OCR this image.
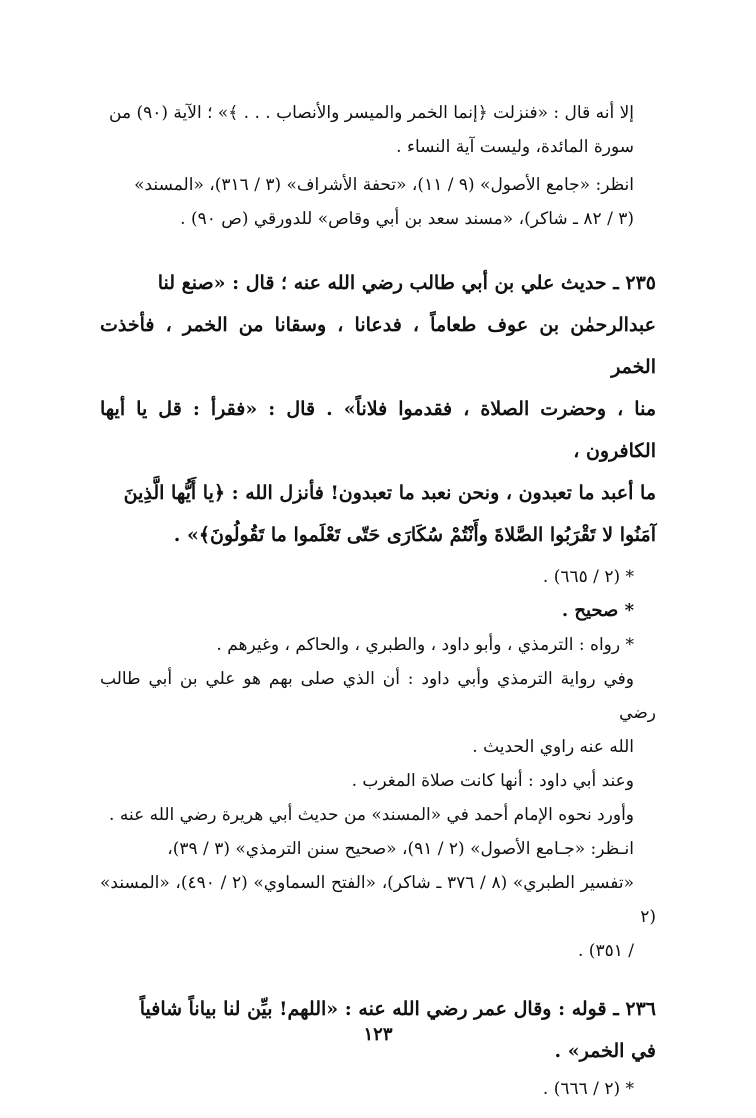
إلا أنه قال : «فنزلت ﴿إنما الخمر والميسر والأنصاب . . . ﴾» ؛ الآية (٩٠) من
سورة المائدة، وليست آية النساء .

انظر: «جامع الأصول» (٩ / ١١)، «تحفة الأشراف» (٣ / ٣١٦)، «المسند»
(٣ / ٨٢ ـ شاكر)، «مسند سعد بن أبي وقاص» للدورقي (ص ٩٠) .

٢٣٥ ـ حديث علي بن أبي طالب رضي الله عنه ؛ قال : «صنع لنا
عبدالرحمٰن بن عوف طعاماً ، فدعانا ، وسقانا من الخمر ، فأخذت الخمر
منا ، وحضرت الصلاة ، فقدموا فلاناً» . قال : «فقرأ : قل يا أيها الكافرون ،
ما أعبد ما تعبدون ، ونحن نعبد ما تعبدون! فأنزل الله : ﴿يا أَيُّها الَّذِينَ
آمَنُوا لا تَقْرَبُوا الصَّلاةَ وأَنْتُمْ سُكَارَى حَتّى تَعْلَموا ما تَقُولُونَ﴾» .

* (٢ / ٦٦٥) .

* صحيح .

* رواه : الترمذي ، وأبو داود ، والطبري ، والحاكم ، وغيرهم .

وفي رواية الترمذي وأبي داود : أن الذي صلى بهم هو علي بن أبي طالب رضي
الله عنه راوي الحديث .

وعند أبي داود : أنها كانت صلاة المغرب .

وأورد نحوه الإمام أحمد في «المسند» من حديث أبي هريرة رضي الله عنه .

انـظر: «جـامع الأصول» (٢ / ٩١)، «صحيح سنن الترمذي» (٣ / ٣٩)،
«تفسير الطبري» (٨ / ٣٧٦ ـ شاكر)، «الفتح السماوي» (٢ / ٤٩٠)، «المسند» (٢
/ ٣٥١) .

٢٣٦ ـ قوله : وقال عمر رضي الله عنه : «اللهم! بيِّن لنا بياناً شافياً
في الخمر» .

* (٢ / ٦٦٦) .

١٢٣
